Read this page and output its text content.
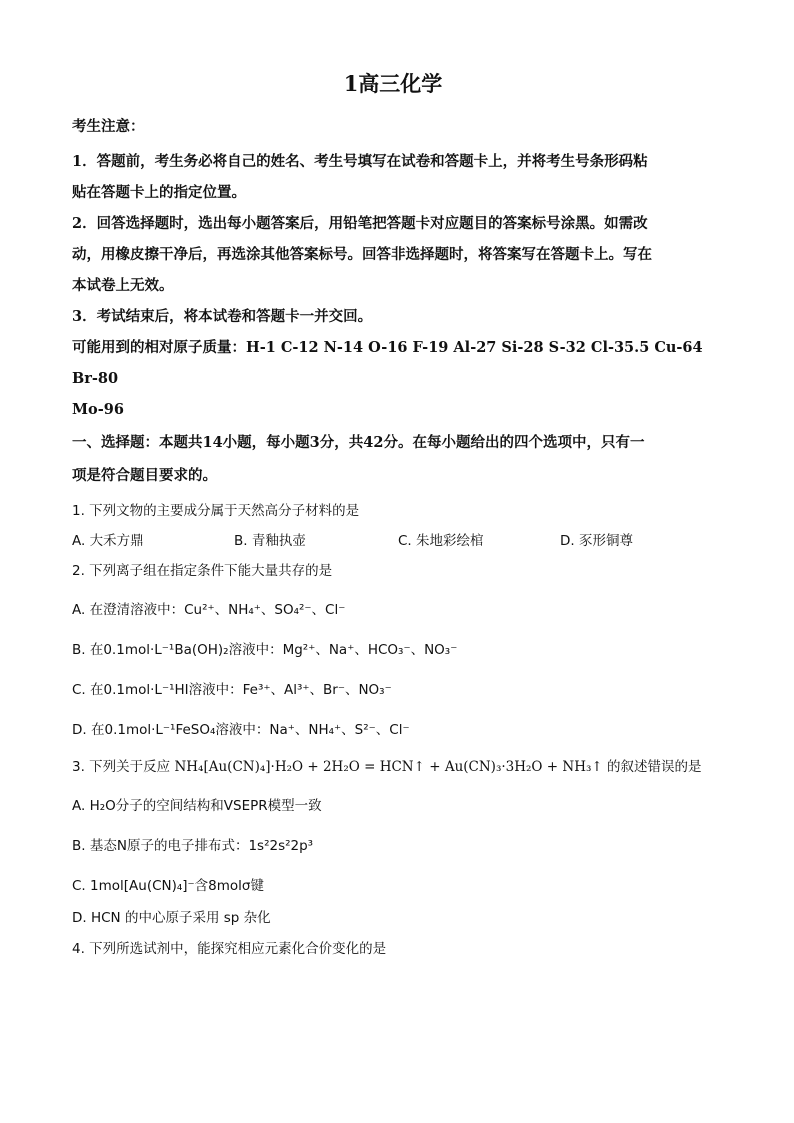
1高三化学
考生注意：
1．答题前，考生务必将自己的姓名、考生号填写在试卷和答题卡上，并将考生号条形码粘
贴在答题卡上的指定位置。
2．回答选择题时，选出每小题答案后，用铅笔把答题卡对应题目的答案标号涂黑。如需改
动，用橡皮擦干净后，再选涂其他答案标号。回答非选择题时，将答案写在答题卡上。写在
本试卷上无效。
3．考试结束后，将本试卷和答题卡一并交回。
可能用到的相对原子质量：H-1 C-12 N-14 O-16 F-19 Al-27 Si-28 S-32 Cl-35.5 Cu-64 Br-80
Mo-96
一、选择题：本题共14小题，每小题3分，共42分。在每小题给出的四个选项中，只有一
项是符合题目要求的。
1. 下列文物的主要成分属于天然高分子材料的是
A. 大禾方鼎	B. 青釉执壶	C. 朱地彩绘棺	D. 豕形铜尊
2. 下列离子组在指定条件下能大量共存的是
A. 在澄清溶液中：Cu²⁺、NH₄⁺、SO₄²⁻、Cl⁻
B. 在0.1mol·L⁻¹Ba(OH)₂溶液中：Mg²⁺、Na⁺、HCO₃⁻、NO₃⁻
C. 在0.1mol·L⁻¹HI溶液中：Fe³⁺、Al³⁺、Br⁻、NO₃⁻
D. 在0.1mol·L⁻¹FeSO₄溶液中：Na⁺、NH₄⁺、S²⁻、Cl⁻
3. 下列关于反应 NH₄[Au(CN)₄]·H₂O + 2H₂O = HCN↑ + Au(CN)₃·3H₂O + NH₃↑ 的叙述错误的是
A. H₂O分子的空间结构和VSEPR模型一致
B. 基态N原子的电子排布式：1s²2s²2p³
C. 1mol[Au(CN)₄]⁻含8molσ键
D. HCN 的中心原子采用 sp 杂化
4. 下列所选试剂中，能探究相应元素化合价变化的是
